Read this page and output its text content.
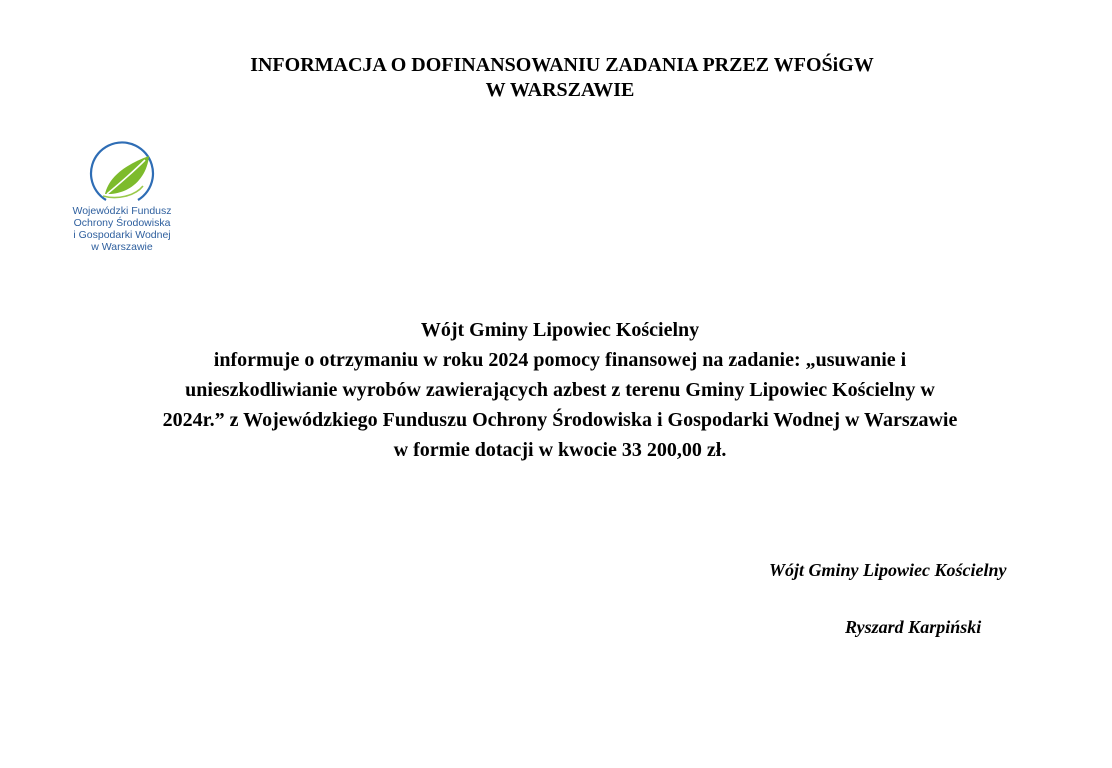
INFORMACJA O DOFINANSOWANIU ZADANIA PRZEZ WFOŚiGW
W WARSZAWIE
Wojewódzki Fundusz
Ochrony Środowiska
i Gospodarki Wodnej
w Warszawie
Wójt Gminy Lipowiec Kościelny
informuje o otrzymaniu w roku 2024 pomocy finansowej na zadanie: „usuwanie i
unieszkodliwianie wyrobów zawierających azbest z terenu Gminy Lipowiec Kościelny w
2024r.” z Wojewódzkiego Funduszu Ochrony Środowiska i Gospodarki Wodnej w Warszawie
w formie dotacji w kwocie 33 200,00 zł.
Wójt Gminy Lipowiec Kościelny
Ryszard Karpiński
